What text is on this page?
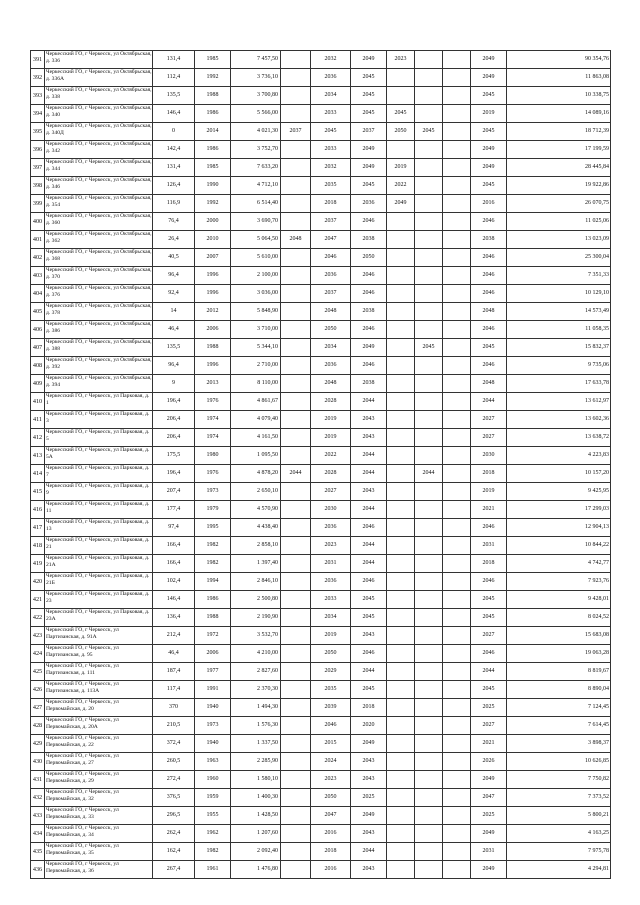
391	Черкесский ГО, г Черкесск, ул Октябрьская, д. 336	131,4	1985	7 457,50		2032	2049	2023			2049	90 354,76
392	Черкесский ГО, г Черкесск, ул Октябрьская, д. 336А	112,4	1992	3 736,10		2036	2045				2049	11 863,08
393	Черкесский ГО, г Черкесск, ул Октябрьская, д. 338	135,5	1988	3 700,80		2034	2045				2045	10 338,75
394	Черкесский ГО, г Черкесск, ул Октябрьская, д. 340	146,4	1986	5 566,00		2033	2045	2045			2019	14 089,16
395	Черкесский ГО, г Черкесск, ул Октябрьская, д. 340Д	0	2014	4 021,30	2037	2045	2037	2050	2045		2045	18 712,39
396	Черкесский ГО, г Черкесск, ул Октябрьская, д. 342	142,4	1986	3 752,70		2033	2049				2049	17 199,59
397	Черкесский ГО, г Черкесск, ул Октябрьская, д. 344	131,4	1985	7 633,20		2032	2049	2019			2049	28 445,84
398	Черкесский ГО, г Черкесск, ул Октябрьская, д. 346	126,4	1990	4 712,10		2035	2045	2022			2045	19 922,86
399	Черкесский ГО, г Черкесск, ул Октябрьская, д. 354	116,9	1992	6 514,40		2018	2036	2049			2016	26 070,75
400	Черкесский ГО, г Черкесск, ул Октябрьская, д. 360	76,4	2000	3 690,70		2037	2046				2046	11 025,06
401	Черкесский ГО, г Черкесск, ул Октябрьская, д. 362	26,4	2010	5 064,50	2048	2047	2038				2038	13 023,09
402	Черкесский ГО, г Черкесск, ул Октябрьская, д. 368	40,5	2007	5 610,00		2046	2050				2046	25 300,04
403	Черкесский ГО, г Черкесск, ул Октябрьская, д. 370	96,4	1996	2 100,00		2036	2046				2046	7 351,33
404	Черкесский ГО, г Черкесск, ул Октябрьская, д. 376	92,4	1996	3 036,00		2037	2046				2046	10 129,10
405	Черкесский ГО, г Черкесск, ул Октябрьская, д. 378	14	2012	5 848,90		2048	2038				2048	14 573,49
406	Черкесский ГО, г Черкесск, ул Октябрьская, д. 386	46,4	2006	3 710,00		2050	2046				2046	11 058,35
407	Черкесский ГО, г Черкесск, ул Октябрьская, д. 388	135,5	1988	5 344,10		2034	2049		2045		2045	15 832,37
408	Черкесский ГО, г Черкесск, ул Октябрьская, д. 392	96,4	1996	2 710,00		2036	2046				2046	9 735,06
409	Черкесский ГО, г Черкесск, ул Октябрьская, д. 394	9	2013	8 110,00		2048	2038				2048	17 633,78
410	Черкесский ГО, г Черкесск, ул Парковая, д. 1	196,4	1976	4 861,67		2028	2044				2044	13 612,97
411	Черкесский ГО, г Черкесск, ул Парковая, д. 3	206,4	1974	4 079,40		2019	2043				2027	13 602,36
412	Черкесский ГО, г Черкесск, ул Парковая, д. 5	206,4	1974	4 161,50		2019	2043				2027	13 638,72
413	Черкесский ГО, г Черкесск, ул Парковая, д. 5А	175,5	1980	1 095,50		2022	2044				2030	4 223,83
414	Черкесский ГО, г Черкесск, ул Парковая, д. 7	196,4	1976	4 878,20	2044	2028	2044		2044		2018	10 157,20
415	Черкесский ГО, г Черкесск, ул Парковая, д. 9	207,4	1973	2 650,10		2027	2043				2019	9 425,95
416	Черкесский ГО, г Черкесск, ул Парковая, д. 11	177,4	1979	4 570,90		2030	2044				2021	17 299,03
417	Черкесский ГО, г Черкесск, ул Парковая, д. 13	97,4	1995	4 438,40		2036	2046				2046	12 904,13
418	Черкесский ГО, г Черкесск, ул Парковая, д. 21	166,4	1982	2 858,10		2023	2044				2031	10 844,22
419	Черкесский ГО, г Черкесск, ул Парковая, д. 21А	166,4	1982	1 397,40		2031	2044				2018	4 742,77
420	Черкесский ГО, г Черкесск, ул Парковая, д. 21Б	102,4	1994	2 846,10		2036	2046				2046	7 923,76
421	Черкесский ГО, г Черкесск, ул Парковая, д. 23	146,4	1986	2 500,80		2033	2045				2045	9 428,01
422	Черкесский ГО, г Черкесск, ул Парковая, д. 23А	136,4	1988	2 190,90		2034	2045				2045	8 024,52
423	Черкесский ГО, г Черкесск, ул Партизанская, д. 91А	212,4	1972	3 532,70		2019	2043				2027	15 683,08
424	Черкесский ГО, г Черкесск, ул Партизанская, д. 95	46,4	2006	4 210,00		2050	2046				2046	19 063,28
425	Черкесский ГО, г Черкесск, ул Партизанская, д. 111	187,4	1977	2 827,60		2029	2044				2044	8 819,67
426	Черкесский ГО, г Черкесск, ул Партизанская, д. 113А	117,4	1991	2 370,30		2035	2045				2045	8 890,04
427	Черкесский ГО, г Черкесск, ул Первомайская, д. 20	370	1940	1 494,30		2039	2018				2025	7 124,45
428	Черкесский ГО, г Черкесск, ул Первомайская, д. 20А	210,5	1973	1 576,30		2046	2020				2027	7 614,45
429	Черкесский ГО, г Черкесск, ул Первомайская, д. 22	372,4	1940	1 337,50		2015	2049				2021	3 898,37
430	Черкесский ГО, г Черкесск, ул Первомайская, д. 27	260,5	1963	2 285,90		2024	2043				2026	10 626,85
431	Черкесский ГО, г Черкесск, ул Первомайская, д. 29	272,4	1960	1 580,10		2023	2043				2049	7 750,82
432	Черкесский ГО, г Черкесск, ул Первомайская, д. 32	376,5	1959	1 400,30		2050	2025				2047	7 373,52
433	Черкесский ГО, г Черкесск, ул Первомайская, д. 33	296,5	1955	1 428,50		2047	2049				2025	5 800,21
434	Черкесский ГО, г Черкесск, ул Первомайская, д. 34	262,4	1962	1 207,60		2016	2043				2049	4 163,25
435	Черкесский ГО, г Черкесск, ул Первомайская, д. 35	162,4	1982	2 092,40		2018	2044				2031	7 975,78
436	Черкесский ГО, г Черкесск, ул Первомайская, д. 36	267,4	1961	1 476,80		2016	2043				2049	4 294,81
